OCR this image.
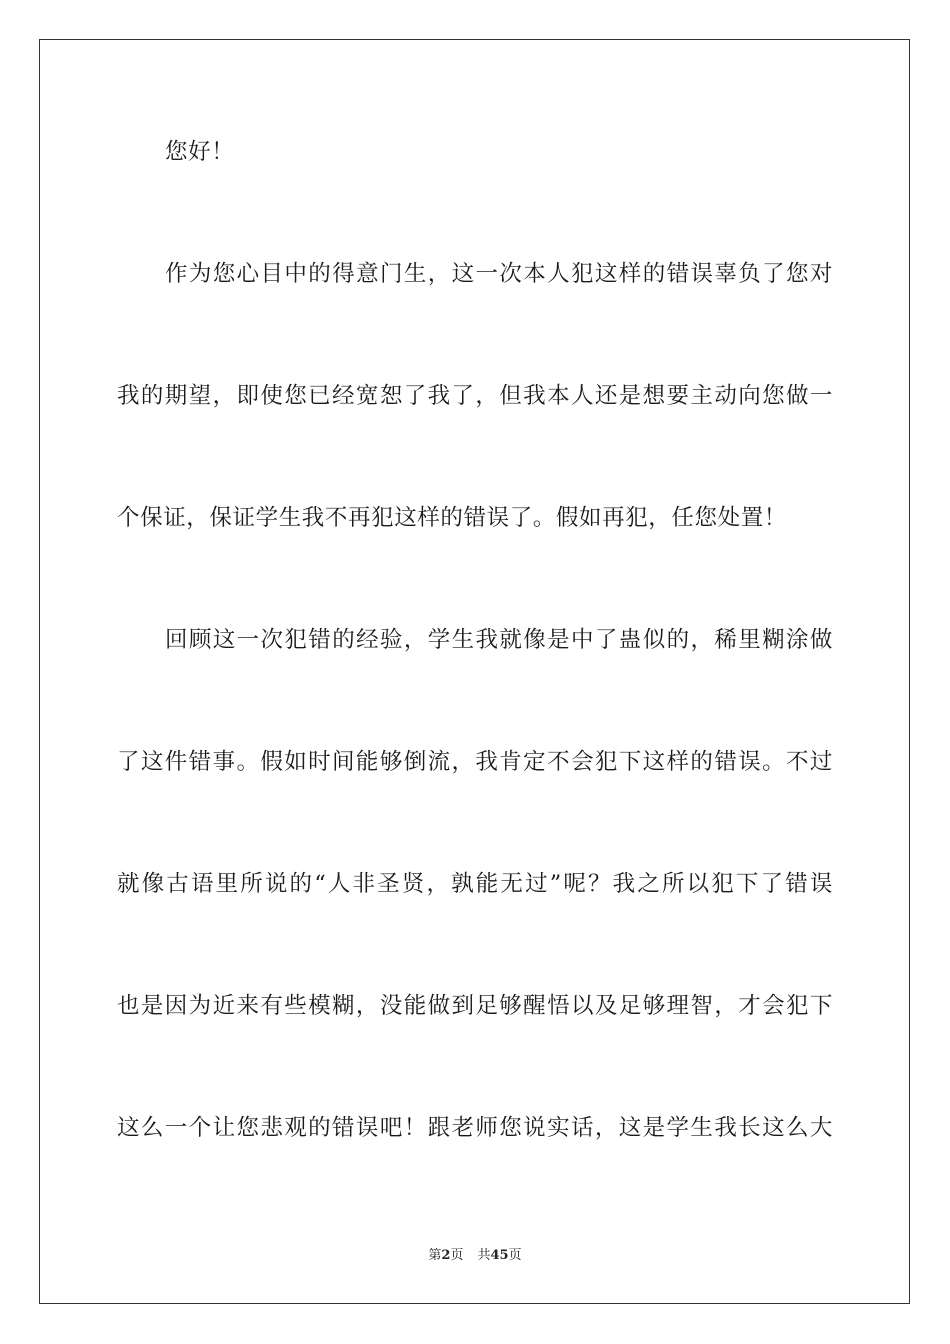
您好！
作为您心目中的得意门生，这一次本人犯这样的错误辜负了您对
我的期望，即使您已经宽恕了我了，但我本人还是想要主动向您做一
个保证，保证学生我不再犯这样的错误了。假如再犯，任您处置！
回顾这一次犯错的经验，学生我就像是中了蛊似的，稀里糊涂做
了这件错事。假如时间能够倒流，我肯定不会犯下这样的错误。不过
就像古语里所说的“人非圣贤，孰能无过”呢？我之所以犯下了错误
也是因为近来有些模糊，没能做到足够醒悟以及足够理智，才会犯下
这么一个让您悲观的错误吧！跟老师您说实话，这是学生我长这么大
第2页 共45页
